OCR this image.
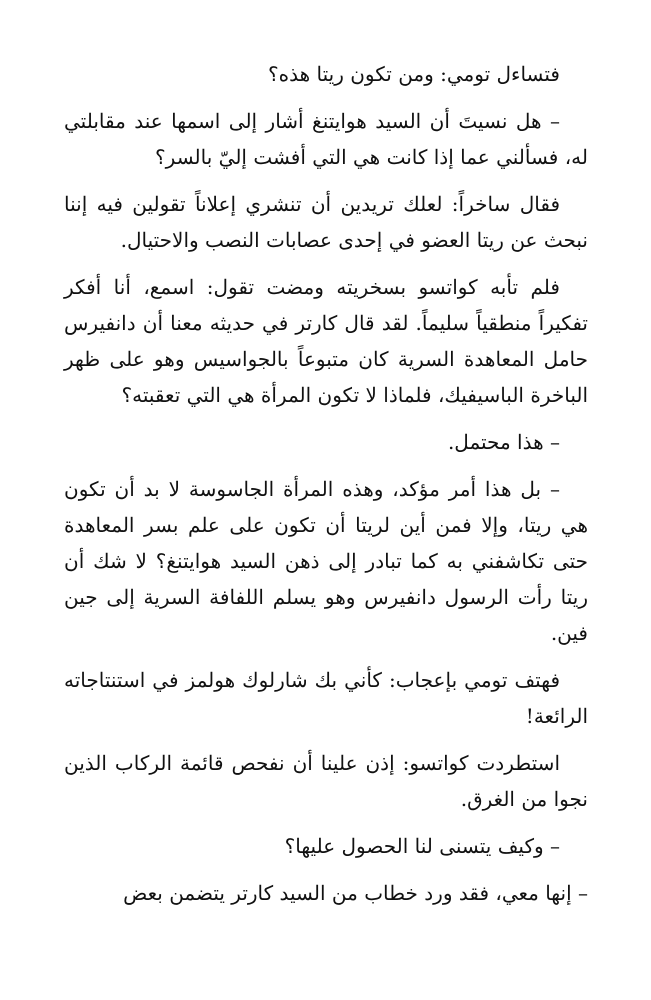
فتساءل تومي: ومن تكون ريتا هذه؟

– هل نسيتَ أن السيد هوايتنغ أشار إلى اسمها عند مقابلتي له، فسألني عما إذا كانت هي التي أفشت إليّ بالسر؟

فقال ساخراً: لعلك تريدين أن تنشري إعلاناً تقولين فيه إننا نبحث عن ريتا العضو في إحدى عصابات النصب والاحتيال.

فلم تأبه كواتسو بسخريته ومضت تقول: اسمع، أنا أفكر تفكيراً منطقياً سليماً. لقد قال كارتر في حديثه معنا أن دانفيرس حامل المعاهدة السرية كان متبوعاً بالجواسيس وهو على ظهر الباخرة الباسيفيك، فلماذا لا تكون المرأة هي التي تعقبته؟

– هذا محتمل.

– بل هذا أمر مؤكد، وهذه المرأة الجاسوسة لا بد أن تكون هي ريتا، وإلا فمن أين لريتا أن تكون على علم بسر المعاهدة حتى تكاشفني به كما تبادر إلى ذهن السيد هوايتنغ؟ لا شك أن ريتا رأت الرسول دانفيرس وهو يسلم اللفافة السرية إلى جين فين.

فهتف تومي بإعجاب: كأني بك شارلوك هولمز في استنتاجاته الرائعة!

استطردت كواتسو: إذن علينا أن نفحص قائمة الركاب الذين نجوا من الغرق.

– وكيف يتسنى لنا الحصول عليها؟

– إنها معي، فقد ورد خطاب من السيد كارتر يتضمن بعض
